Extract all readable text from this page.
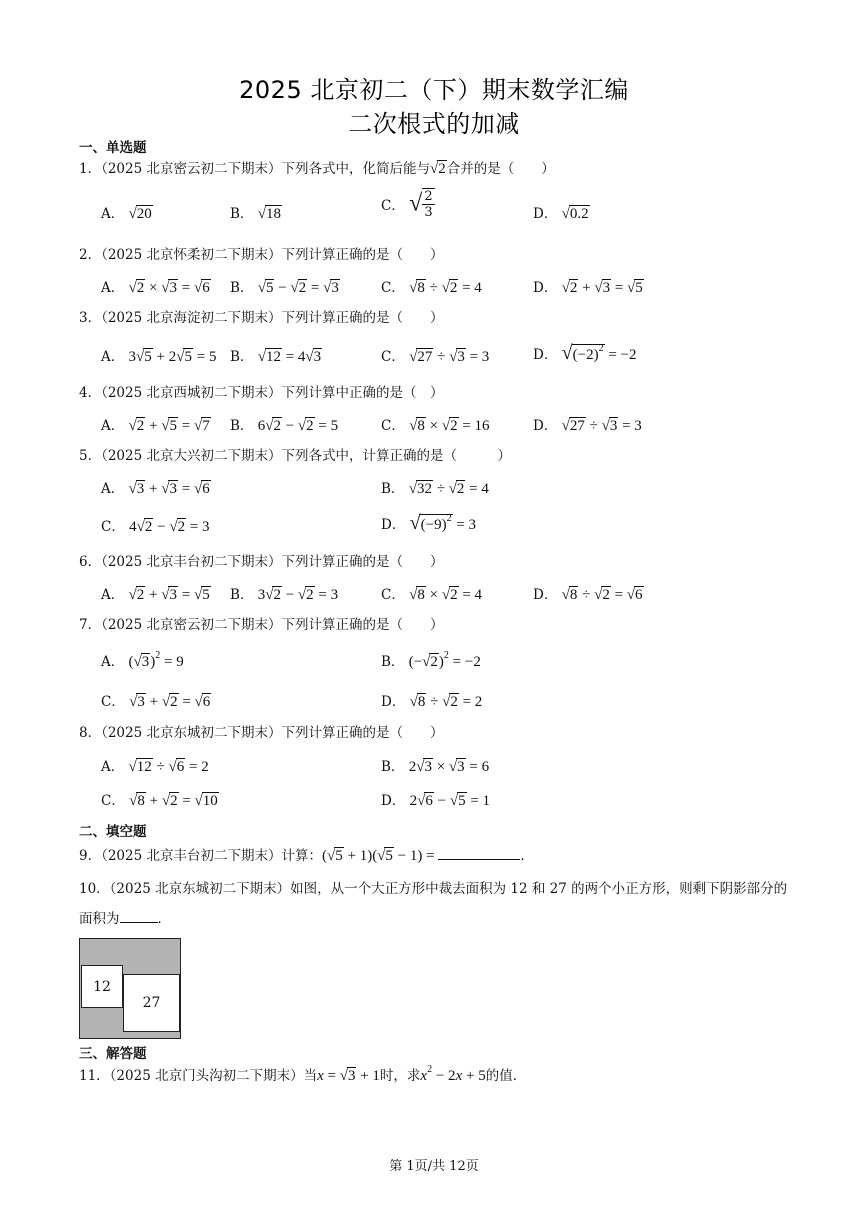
2025 北京初二（下）期末数学汇编
二次根式的加减
一、单选题
1．（2025 北京密云初二下期末）下列各式中，化简后能与√2合并的是（　　）
A． √20	B． √18	C． √ $\frac{2}{3}$	D． √0.2
2．（2025 北京怀柔初二下期末）下列计算正确的是（　　）
A． √2 × √3 = √6 B． √5 − √2 = √3	C． √8 ÷ √2 = 4	D． √2 + √3 = √5
3．（2025 北京海淀初二下期末）下列计算正确的是（　　）
A． 3√5 + 2√5 = 5 B． √12 = 4√3	C． √27 ÷ √3 = 3	D． $√(-2)^2 = -2$
4．（2025 北京西城初二下期末）下列计算中正确的是（　）
A． √2 + √5 = √7 B． 6√2 − √2 = 5	C． √8 × √2 = 16	D． √27 ÷ √3 = 3
5．（2025 北京大兴初二下期末）下列各式中，计算正确的是（　　　）
A． √3 + √3 = √6	B． √32 ÷ √2 = 4
C． 4√2 − √2 = 3	D． $√(-9)^2 = 3$
6．（2025 北京丰台初二下期末）下列计算正确的是（　　）
A． √2 + √3 = √5 B． 3√2 − √2 = 3	C． √8 × √2 = 4	D． √8 ÷ √2 = √6
7．（2025 北京密云初二下期末）下列计算正确的是（　　）
A． $(√3)^2 = 9$	B． $(-√2)^2 = -2$
C． √3 + √2 = √6	D． √8 ÷ √2 = 2
8．（2025 北京东城初二下期末）下列计算正确的是（　　）
A． √12 ÷ √6 = 2	B． 2√3 × √3 = 6
C． √8 + √2 = √10	D． 2√6 − √5 = 1
二、填空题
9．（2025 北京丰台初二下期末）计算：(√5 + 1)(√5 − 1) =	．
10．（2025 北京东城初二下期末）如图，从一个大正方形中裁去面积为 12 和 27 的两个小正方形，则剩下阴影部分的面积为	．
12
27
三、解答题
11．（2025 北京门头沟初二下期末）当x = √3 + 1时，求$x^2 - 2x + 5$的值．
第 1页/共 12页
